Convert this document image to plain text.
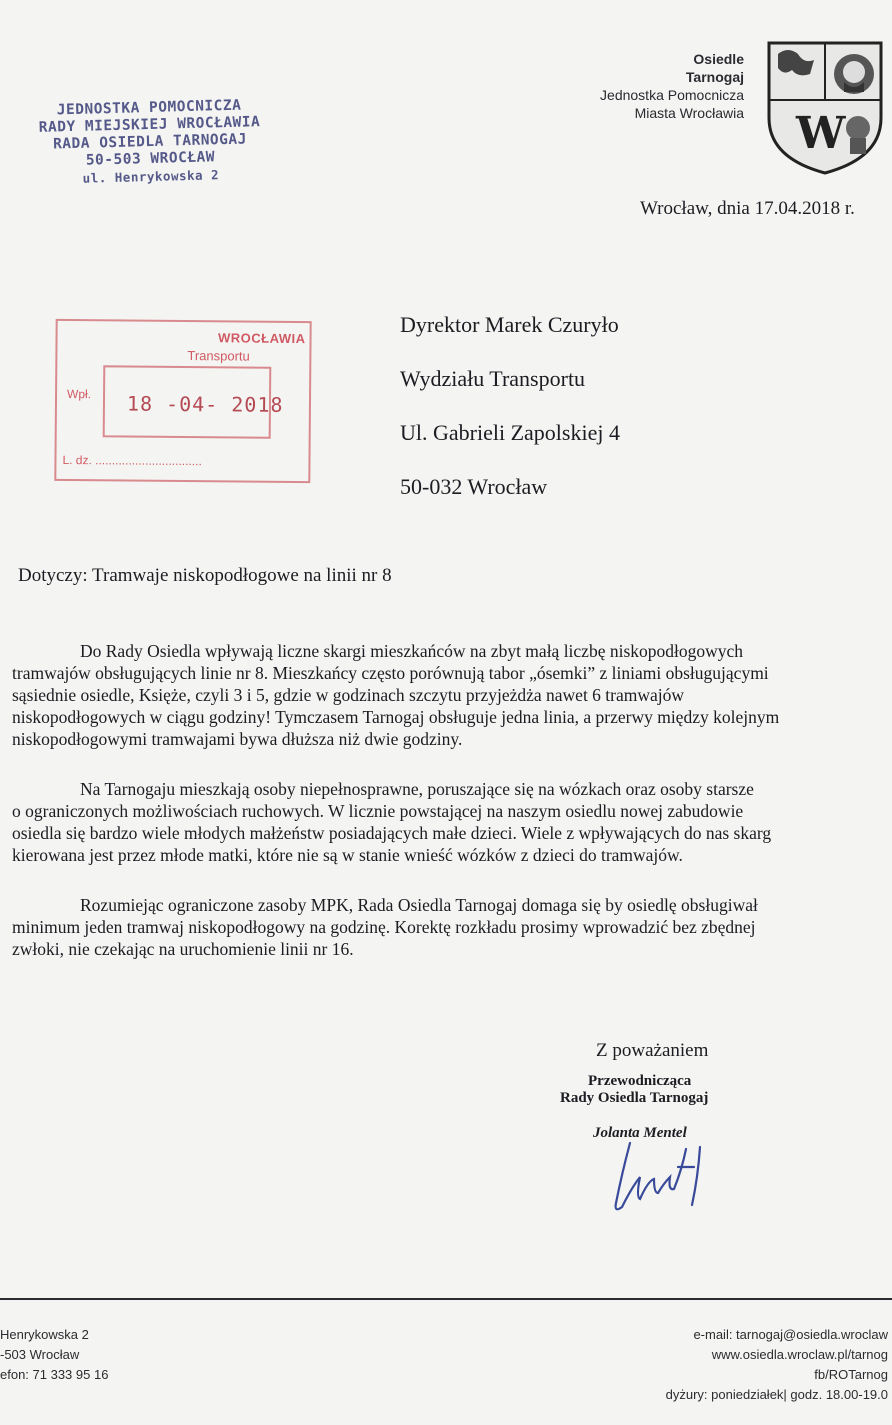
JEDNOSTKA POMOCNICZA
RADY MIEJSKIEJ WROCŁAWIA
RADA OSIEDLA TARNOGAJ
50-503 WROCŁAW
ul. Henrykowska 2
Osiedle
Tarnogaj
Jednostka Pomocnicza
Miasta Wrocławia W
Wrocław, dnia 17.04.2018 r.
Dyrektor Marek Czuryło
Wydziału Transportu
Ul. Gabrieli Zapolskiej 4
50-032 Wrocław
WROCŁAWIA
Transportu
Wpł. 18 -04- 2018
L. dz. ................................
Dotyczy: Tramwaje niskopodłogowe na linii nr 8
Do Rady Osiedla wpływają liczne skargi mieszkańców na zbyt małą liczbę niskopodłogowych
tramwajów obsługujących linie nr 8. Mieszkańcy często porównują tabor „ósemki” z liniami obsługującymi
sąsiednie osiedle, Księże, czyli 3 i 5, gdzie w godzinach szczytu przyjeżdża nawet 6 tramwajów
niskopodłogowych w ciągu godziny! Tymczasem Tarnogaj obsługuje jedna linia, a przerwy między kolejnym
niskopodłogowymi tramwajami bywa dłuższa niż dwie godziny.
Na Tarnogaju mieszkają osoby niepełnosprawne, poruszające się na wózkach oraz osoby starsze
o ograniczonych możliwościach ruchowych. W licznie powstającej na naszym osiedlu nowej zabudowie
osiedla się bardzo wiele młodych małżeństw posiadających małe dzieci. Wiele z wpływających do nas skarg
kierowana jest przez młode matki, które nie są w stanie wnieść wózków z dzieci do tramwajów.
Rozumiejąc ograniczone zasoby MPK, Rada Osiedla Tarnogaj domaga się by osiedlę obsługiwał
minimum jeden tramwaj niskopodłogowy na godzinę. Korektę rozkładu prosimy wprowadzić bez zbędnej
zwłoki, nie czekając na uruchomienie linii nr 16.
Z poważaniem
Przewodnicząca
Rady Osiedla Tarnogaj
Jolanta Mentel
Henrykowska 2
-503 Wrocław
efon: 71 333 95 16
e-mail: tarnogaj@osiedla.wroclaw
www.osiedla.wroclaw.pl/tarnog
fb/ROTarnog
dyżury: poniedziałek| godz. 18.00-19.0
